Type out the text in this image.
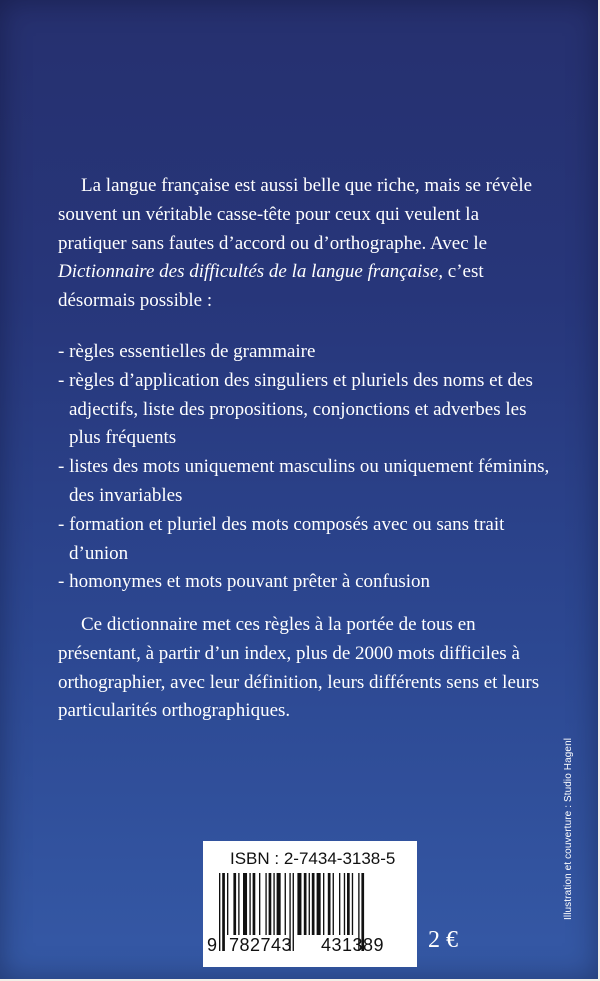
La langue française est aussi belle que riche, mais se révèle souvent un véritable casse-tête pour ceux qui veulent la pratiquer sans fautes d’accord ou d’orthographe. Avec le Dictionnaire des difficultés de la langue française, c’est désormais possible :
- règles essentielles de grammaire
- règles d’application des singuliers et pluriels des noms et des adjectifs, liste des propositions, conjonctions et adverbes les plus fréquents
- listes des mots uniquement masculins ou uniquement féminins, des invariables
- formation et pluriel des mots composés avec ou sans trait d’union
- homonymes et mots pouvant prêter à confusion
Ce dictionnaire met ces règles à la portée de tous en présentant, à partir d’un index, plus de 2000 mots difficiles à orthographier, avec leur définition, leurs différents sens et leurs particularités orthographiques.
Illustration et couverture : Studio Hagenl
ISBN : 2-7434-3138-5
9 782743 431389 2 €
